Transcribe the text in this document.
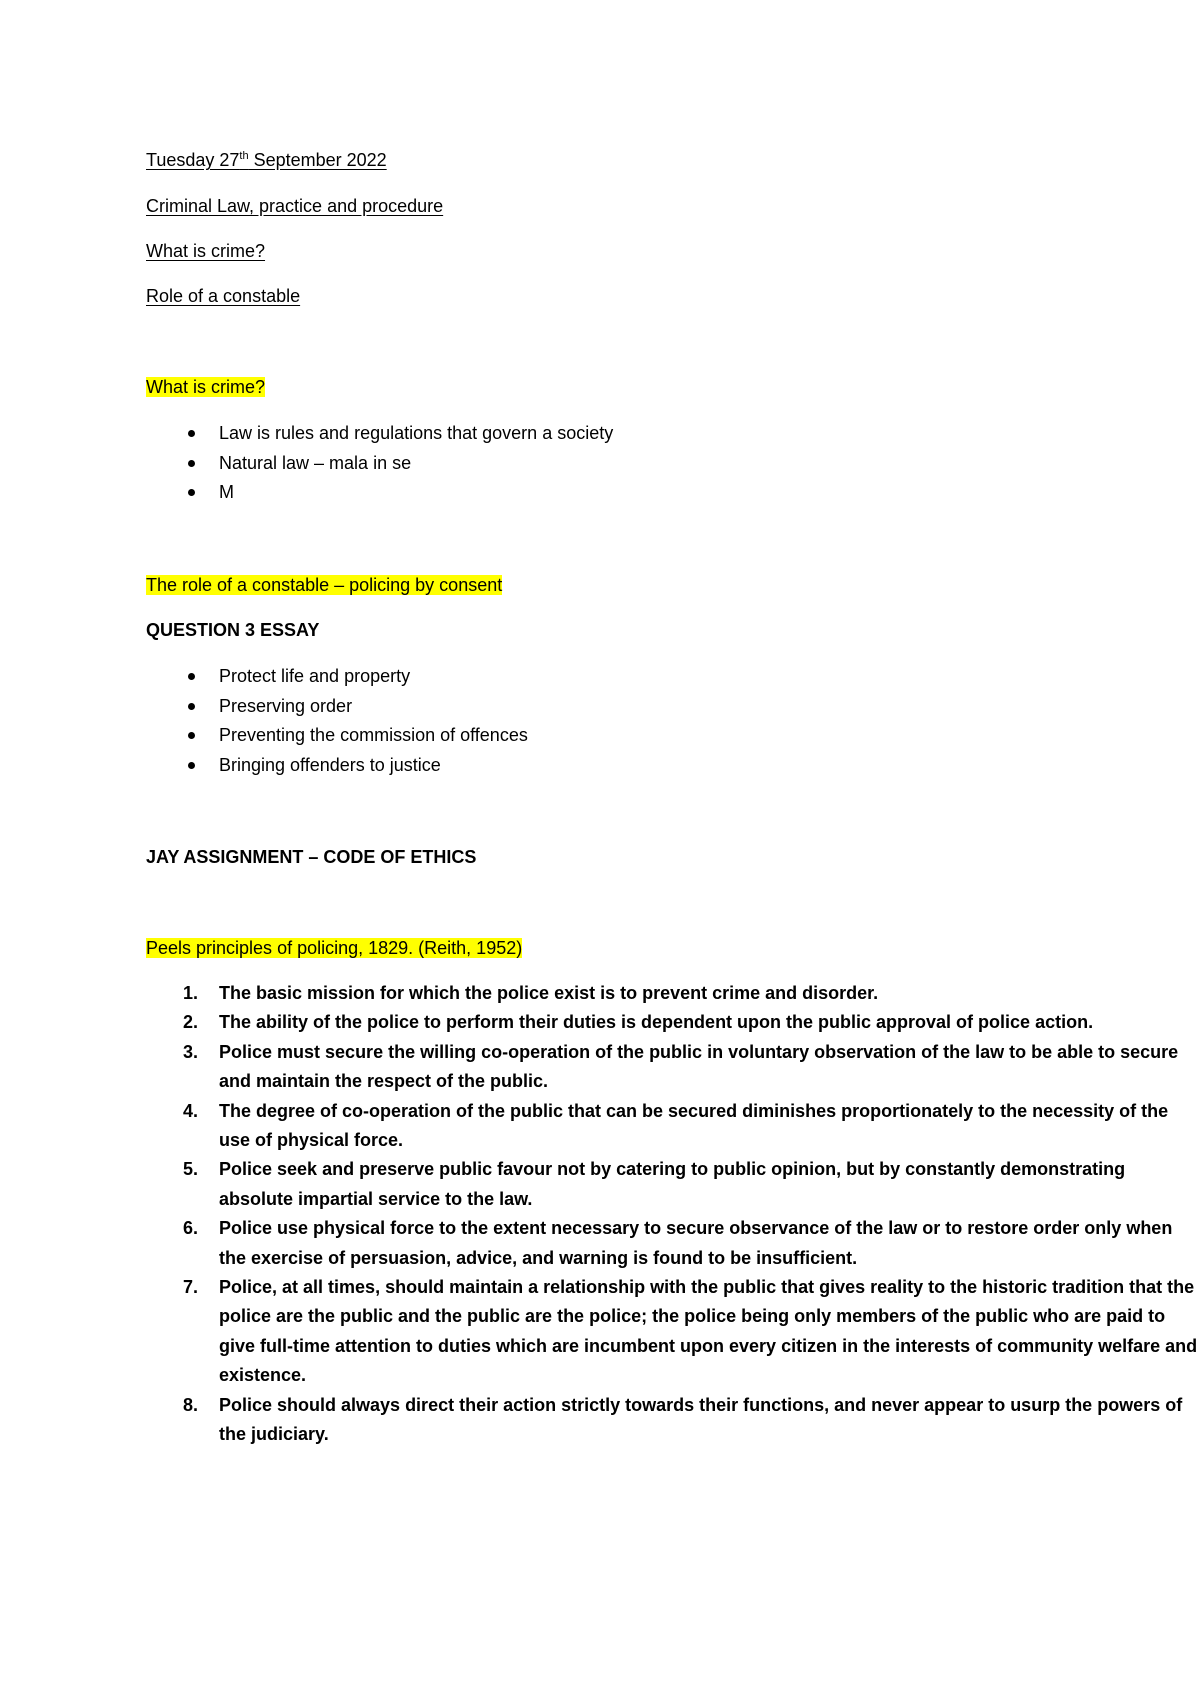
Tuesday 27th September 2022
Criminal Law, practice and procedure
What is crime?
Role of a constable
What is crime?
Law is rules and regulations that govern a society
Natural law – mala in se
M
The role of a constable – policing by consent
QUESTION 3 ESSAY
Protect life and property
Preserving order
Preventing the commission of offences
Bringing offenders to justice
JAY ASSIGNMENT – CODE OF ETHICS
Peels principles of policing, 1829. (Reith, 1952)
1. The basic mission for which the police exist is to prevent crime and disorder.
2. The ability of the police to perform their duties is dependent upon the public approval of police action.
3. Police must secure the willing co-operation of the public in voluntary observation of the law to be able to secure and maintain the respect of the public.
4. The degree of co-operation of the public that can be secured diminishes proportionately to the necessity of the use of physical force.
5. Police seek and preserve public favour not by catering to public opinion, but by constantly demonstrating absolute impartial service to the law.
6. Police use physical force to the extent necessary to secure observance of the law or to restore order only when the exercise of persuasion, advice, and warning is found to be insufficient.
7. Police, at all times, should maintain a relationship with the public that gives reality to the historic tradition that the police are the public and the public are the police; the police being only members of the public who are paid to give full-time attention to duties which are incumbent upon every citizen in the interests of community welfare and existence.
8. Police should always direct their action strictly towards their functions, and never appear to usurp the powers of the judiciary.
